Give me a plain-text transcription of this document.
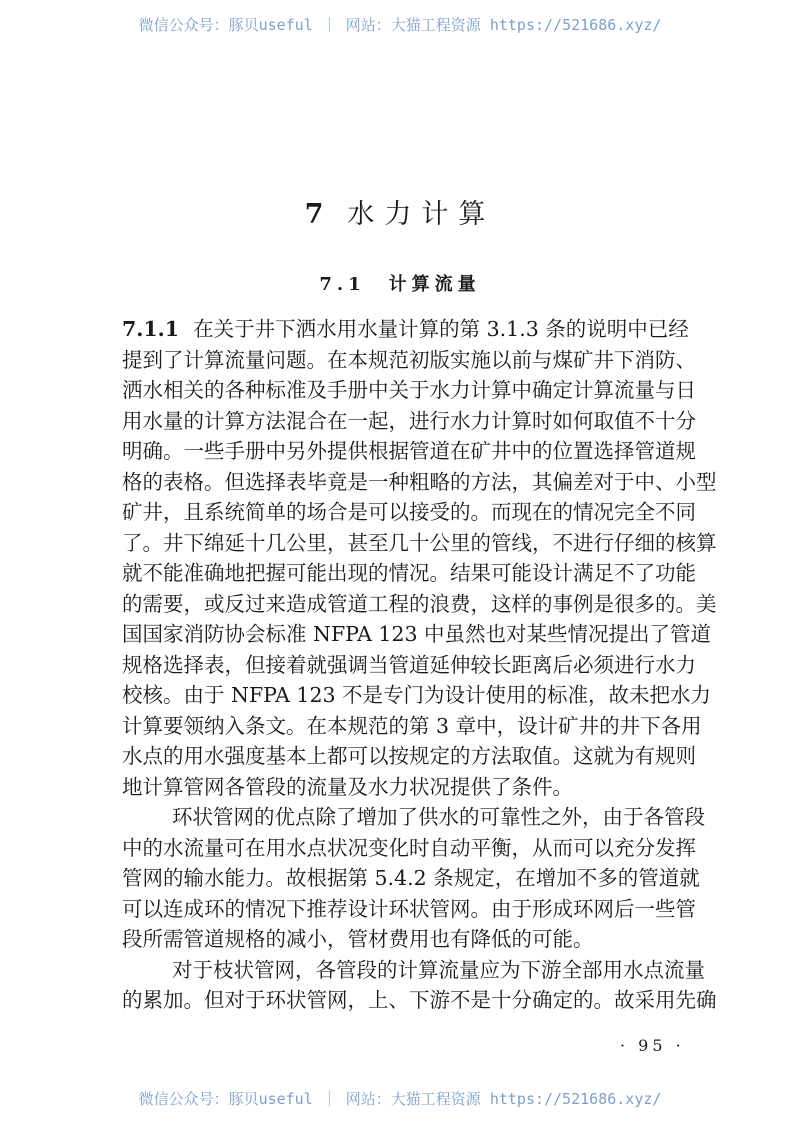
微信公众号：豚贝useful ｜ 网站：大猫工程资源 https://521686.xyz/
7 水力计算
7.1　 计算流量
7.1.1 在关于井下洒水用水量计算的第 3.1.3 条的说明中已经
提到了计算流量问题。在本规范初版实施以前与煤矿井下消防、
洒水相关的各种标准及手册中关于水力计算中确定计算流量与日
用水量的计算方法混合在一起，进行水力计算时如何取值不十分
明确。一些手册中另外提供根据管道在矿井中的位置选择管道规
格的表格。但选择表毕竟是一种粗略的方法，其偏差对于中、小型
矿井，且系统简单的场合是可以接受的。而现在的情况完全不同
了。井下绵延十几公里，甚至几十公里的管线，不进行仔细的核算
就不能准确地把握可能出现的情况。结果可能设计满足不了功能
的需要，或反过来造成管道工程的浪费，这样的事例是很多的。美
国国家消防协会标准 NFPA 123 中虽然也对某些情况提出了管道
规格选择表，但接着就强调当管道延伸较长距离后必须进行水力
校核。由于 NFPA 123 不是专门为设计使用的标准，故未把水力
计算要领纳入条文。在本规范的第 3 章中，设计矿井的井下各用
水点的用水强度基本上都可以按规定的方法取值。这就为有规则
地计算管网各管段的流量及水力状况提供了条件。
环状管网的优点除了增加了供水的可靠性之外，由于各管段
中的水流量可在用水点状况变化时自动平衡，从而可以充分发挥
管网的输水能力。故根据第 5.4.2 条规定，在增加不多的管道就
可以连成环的情况下推荐设计环状管网。由于形成环网后一些管
段所需管道规格的减小，管材费用也有降低的可能。
对于枝状管网，各管段的计算流量应为下游全部用水点流量
的累加。但对于环状管网，上、下游不是十分确定的。故采用先确
· 95 ·
微信公众号：豚贝useful ｜ 网站：大猫工程资源 https://521686.xyz/
